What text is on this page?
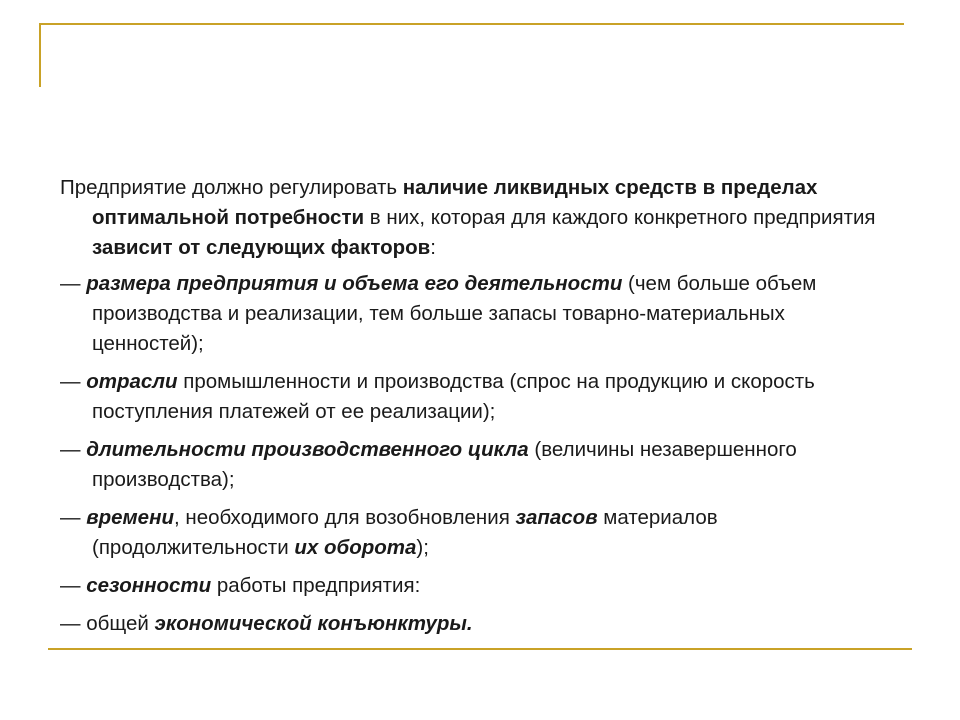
Предприятие должно регулировать наличие ликвидных средств в пределах оптимальной потребности в них, которая для каждого конкретного предприятия зависит от следующих факторов:

— размера предприятия и объема его деятельности (чем больше объем производства и реализации, тем больше запасы товарно-материальных ценностей);

— отрасли промышленности и производства (спрос на продукцию и скорость поступления платежей от ее реализации);

— длительности производственного цикла (величины незавершенного производства);

— времени, необходимого для возобновления запасов материалов (продолжительности их оборота);

— сезонности работы предприятия:

— общей экономической конъюнктуры.
